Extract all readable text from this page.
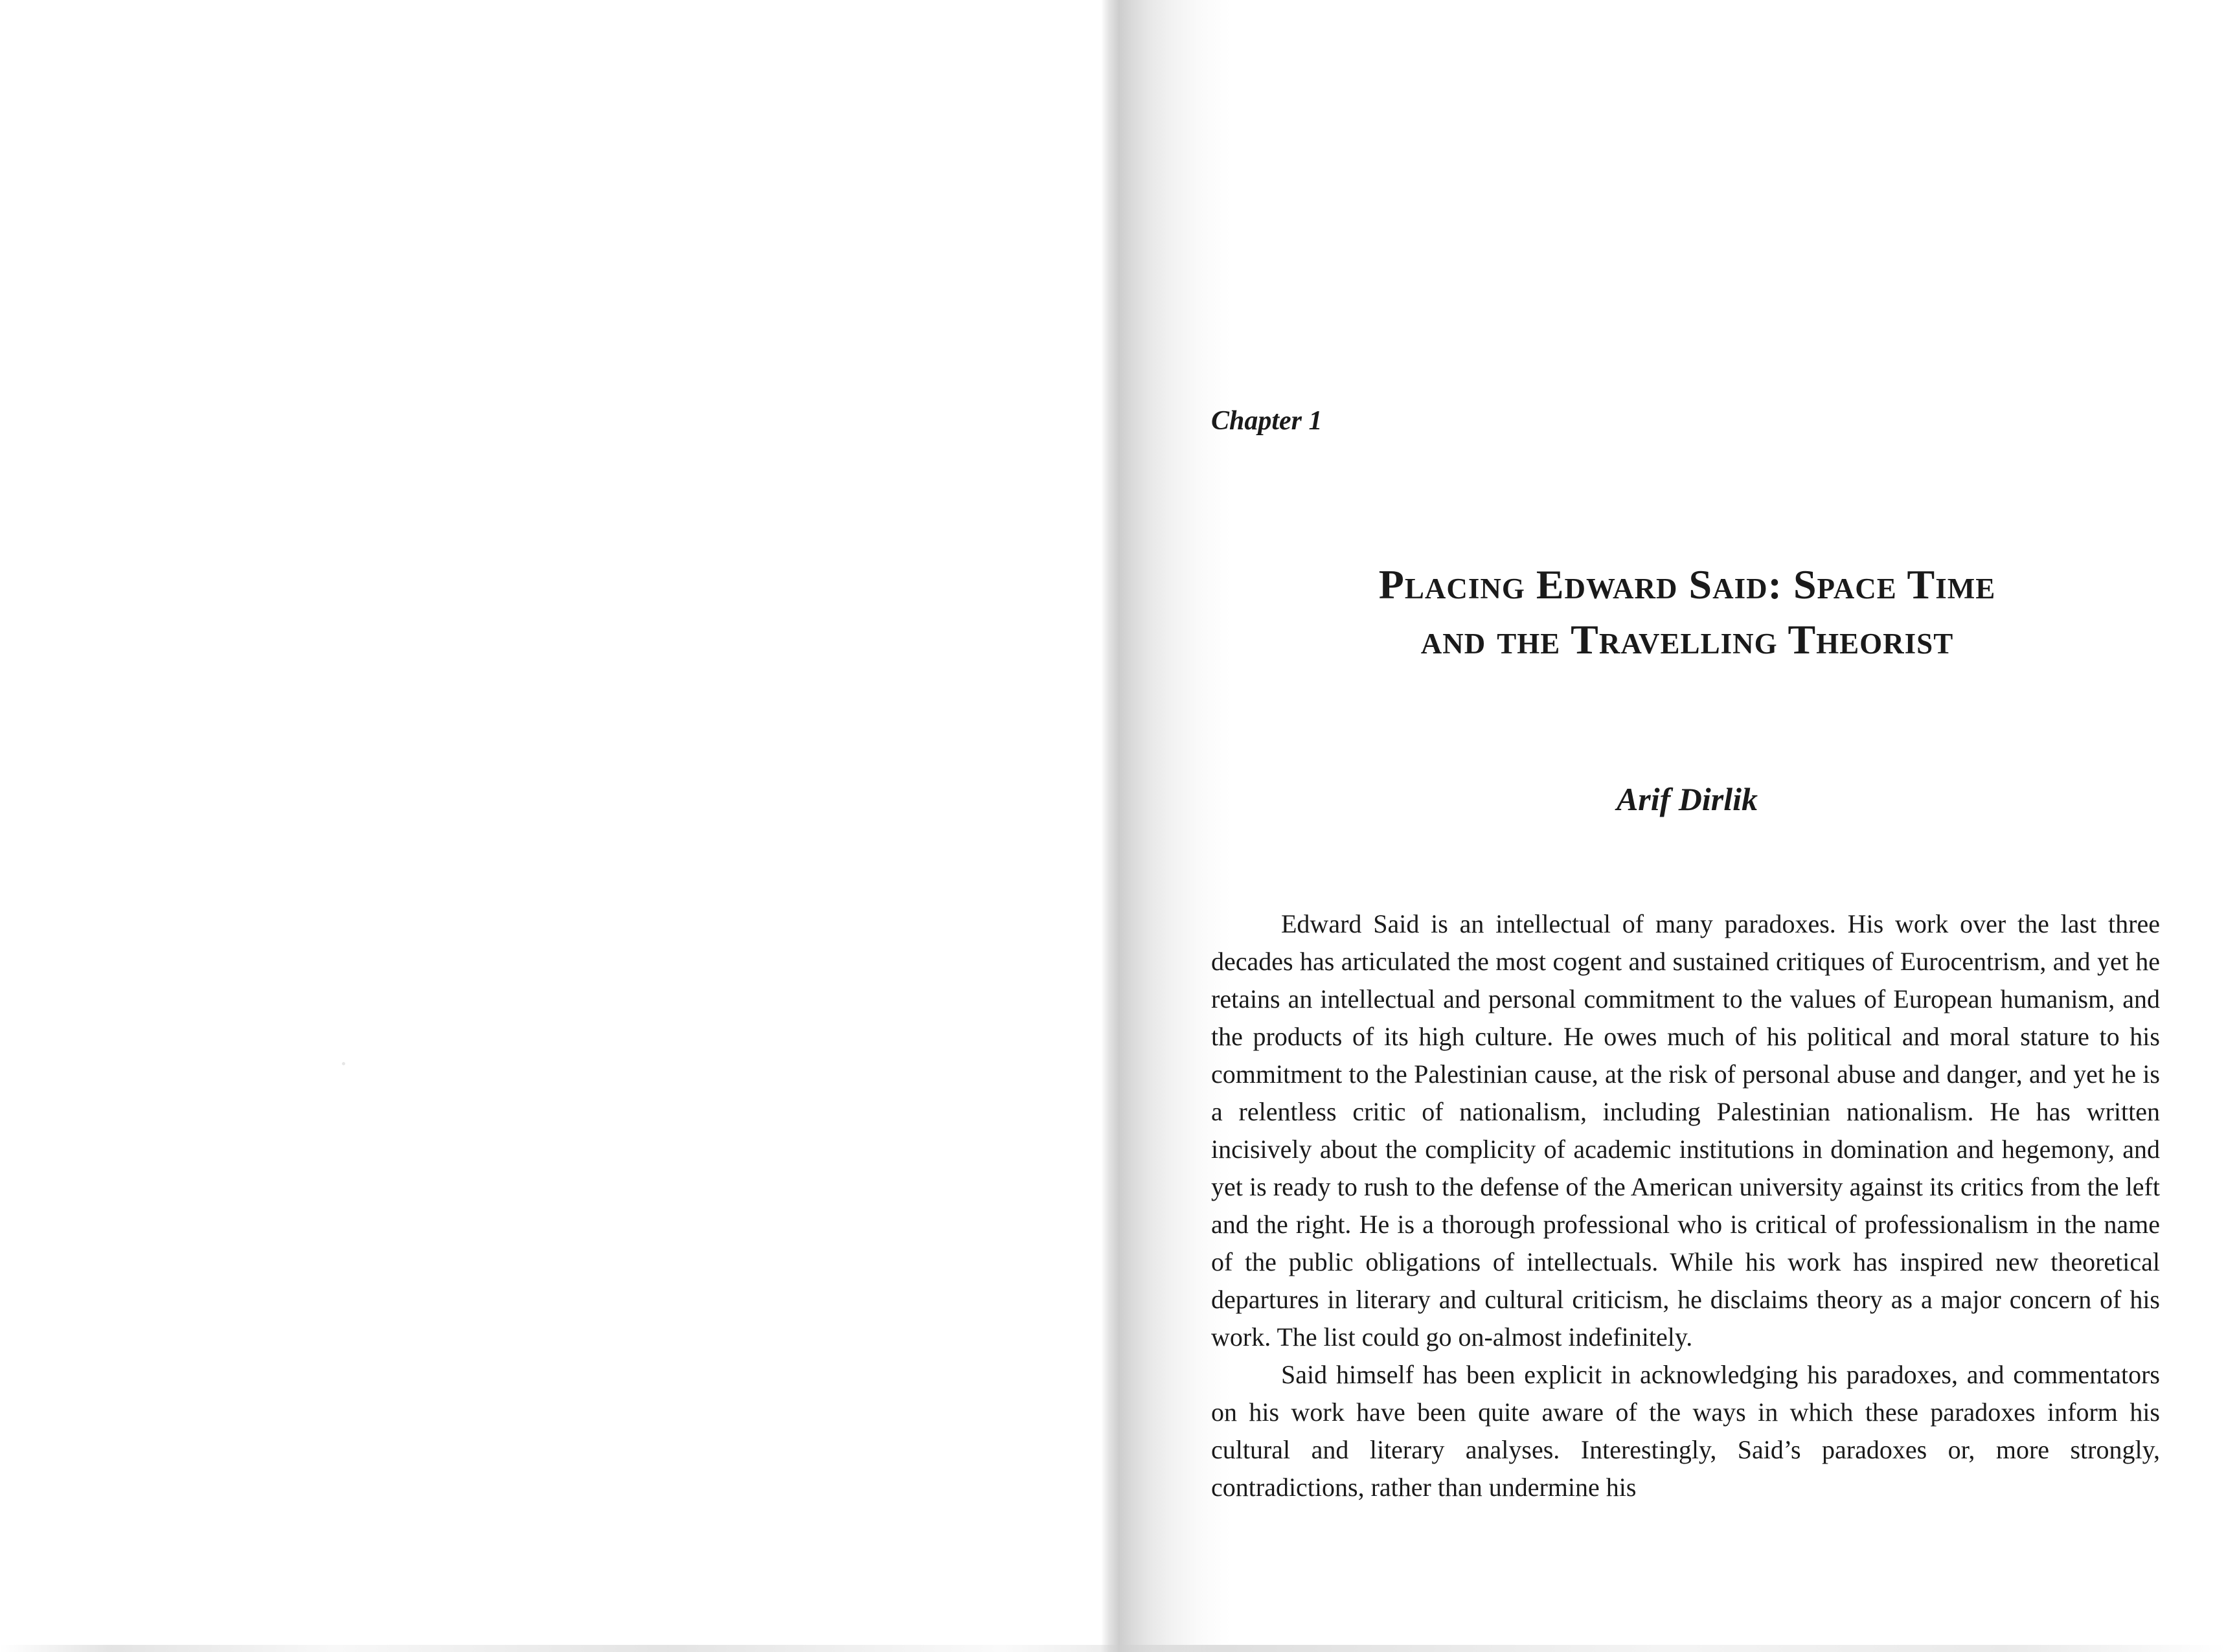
Chapter 1

Placing Edward Said: Space Time
and the Travelling Theorist

Arif Dirlik

Edward Said is an intellectual of many paradoxes. His work over the last three decades has articulated the most cogent and sustained critiques of Eurocentrism, and yet he retains an intellectual and personal commitment to the values of European humanism, and the products of its high culture. He owes much of his political and moral stature to his commitment to the Palestinian cause, at the risk of personal abuse and danger, and yet he is a relentless critic of nationalism, including Palestinian nationalism. He has written incisively about the complicity of academic institutions in domination and hegemony, and yet is ready to rush to the defense of the American university against its critics from the left and the right. He is a thorough professional who is critical of professionalism in the name of the public obligations of intellectuals. While his work has inspired new theoretical departures in literary and cultural criticism, he disclaims theory as a major concern of his work. The list could go on-almost indefinitely.

Said himself has been explicit in acknowledging his paradoxes, and commentators on his work have been quite aware of the ways in which these paradoxes inform his cultural and literary analyses. Interestingly, Said’s paradoxes or, more strongly, contradictions, rather than undermine his
